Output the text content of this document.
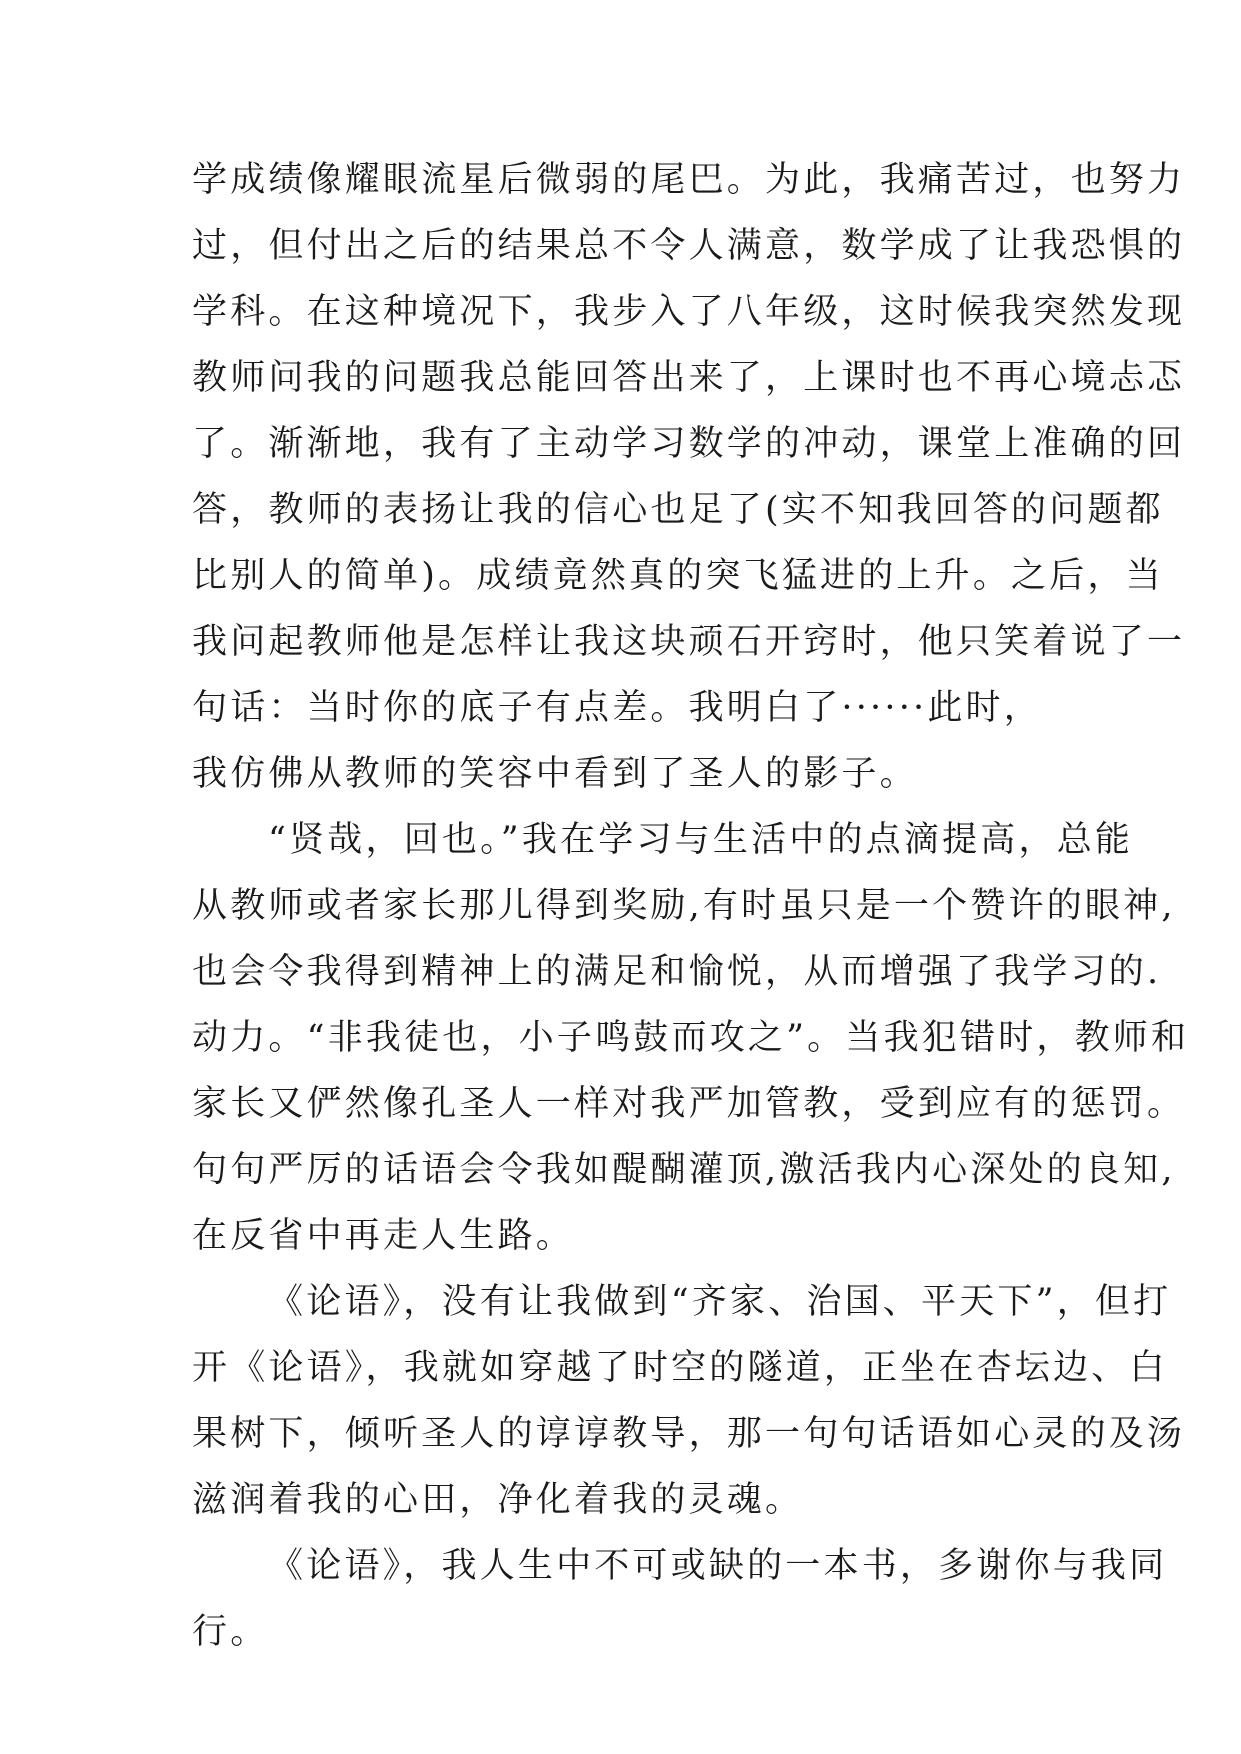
学成绩像耀眼流星后微弱的尾巴。为此，我痛苦过，也努力
过，但付出之后的结果总不令人满意，数学成了让我恐惧的
学科。在这种境况下，我步入了八年级，这时候我突然发现
教师问我的问题我总能回答出来了，上课时也不再心境忐忑
了。渐渐地，我有了主动学习数学的冲动，课堂上准确的回
答，教师的表扬让我的信心也足了(实不知我回答的问题都
比别人的简单)。成绩竟然真的突飞猛进的上升。之后，当
我问起教师他是怎样让我这块顽石开窍时，他只笑着说了一
句话：当时你的底子有点差。我明白了······此时，
我仿佛从教师的笑容中看到了圣人的影子。
“贤哉，回也。”我在学习与生活中的点滴提高，总能
从教师或者家长那儿得到奖励,有时虽只是一个赞许的眼神,
也会令我得到精神上的满足和愉悦，从而增强了我学习的.
动力。“非我徒也，小子鸣鼓而攻之”。当我犯错时，教师和
家长又俨然像孔圣人一样对我严加管教，受到应有的惩罚。
句句严厉的话语会令我如醍醐灌顶,激活我内心深处的良知,
在反省中再走人生路。
《论语》，没有让我做到“齐家、治国、平天下”，但打
开《论语》，我就如穿越了时空的隧道，正坐在杏坛边、白
果树下，倾听圣人的谆谆教导，那一句句话语如心灵的及汤
滋润着我的心田，净化着我的灵魂。
《论语》，我人生中不可或缺的一本书，多谢你与我同
行。
